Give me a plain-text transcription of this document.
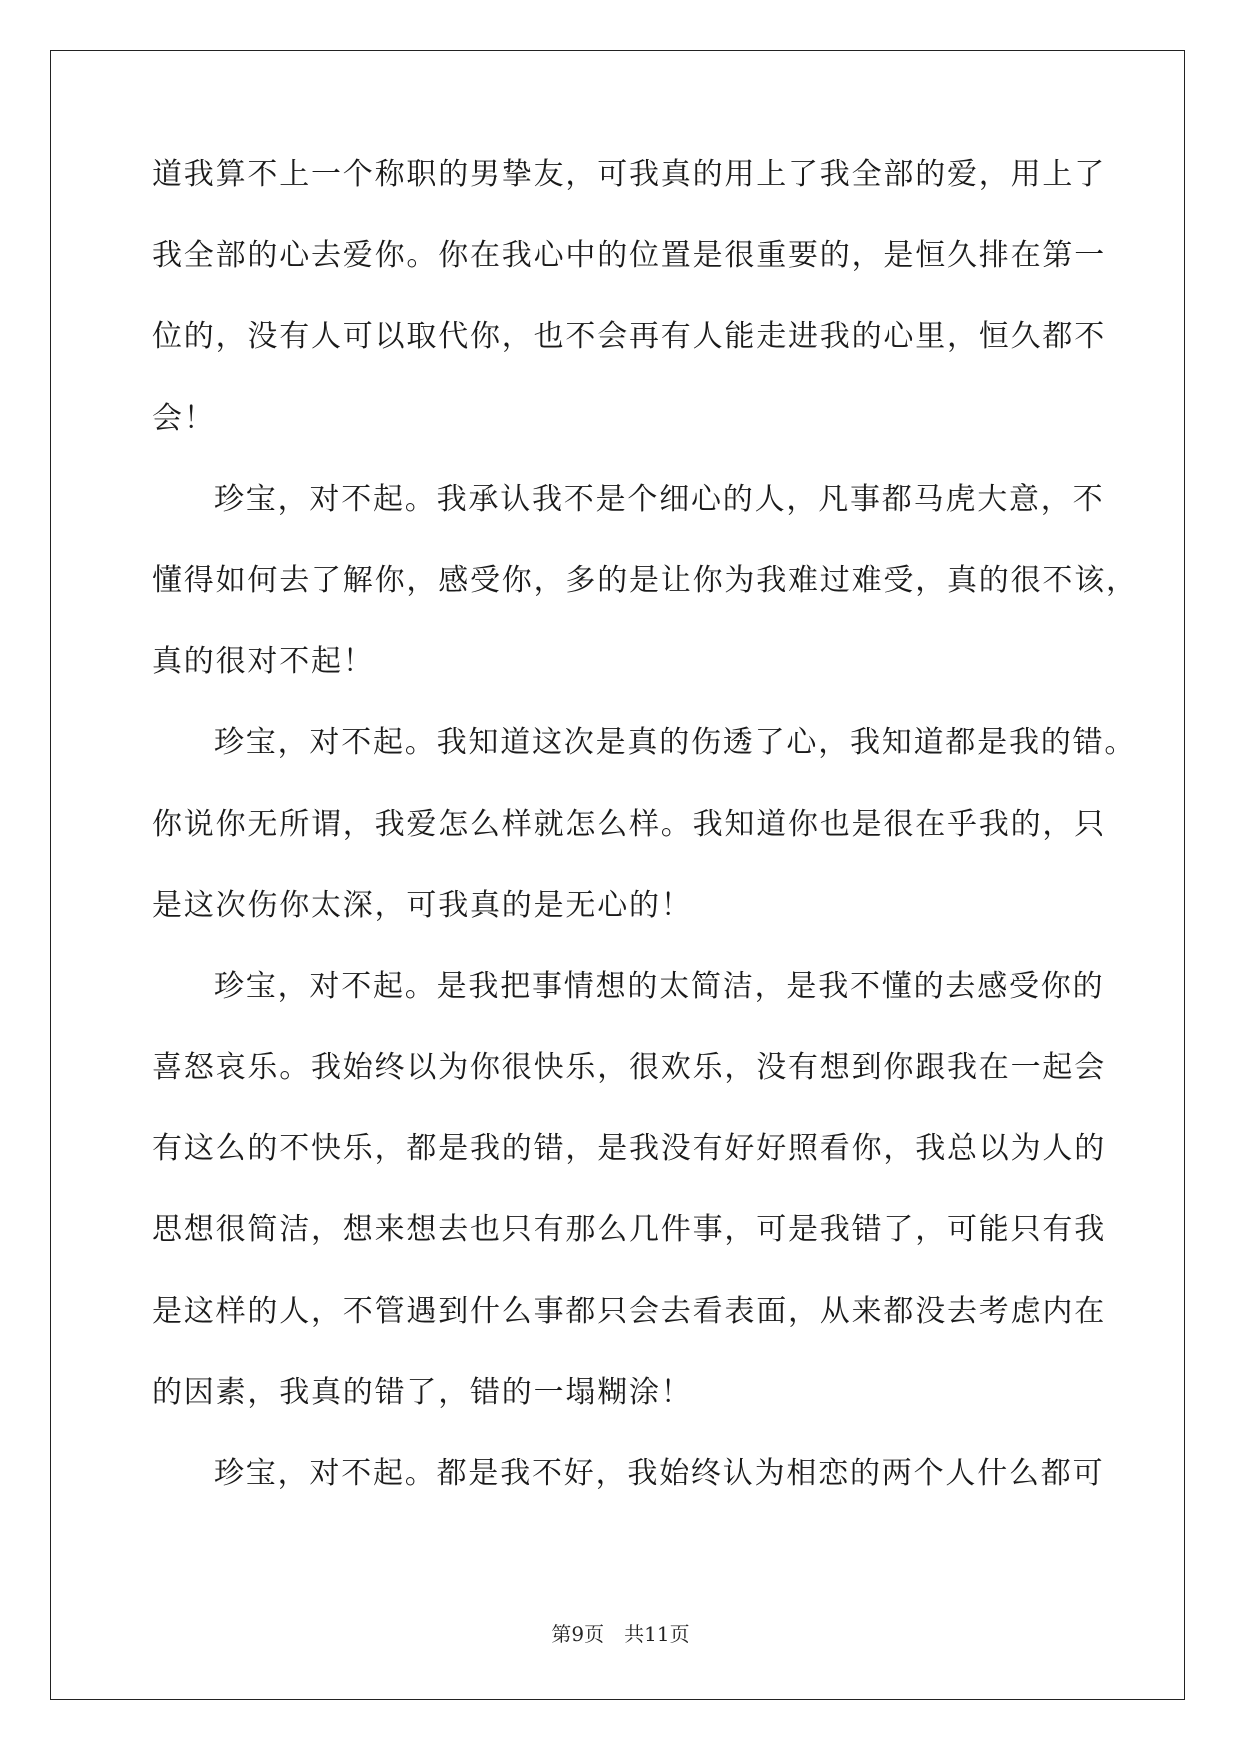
道我算不上一个称职的男挚友，可我真的用上了我全部的爱，用上了
我全部的心去爱你。你在我心中的位置是很重要的，是恒久排在第一
位的，没有人可以取代你，也不会再有人能走进我的心里，恒久都不
会！
珍宝，对不起。我承认我不是个细心的人，凡事都马虎大意，不
懂得如何去了解你，感受你，多的是让你为我难过难受，真的很不该，
真的很对不起！
珍宝，对不起。我知道这次是真的伤透了心，我知道都是我的错。
你说你无所谓，我爱怎么样就怎么样。我知道你也是很在乎我的，只
是这次伤你太深，可我真的是无心的！
珍宝，对不起。是我把事情想的太简洁，是我不懂的去感受你的
喜怒哀乐。我始终以为你很快乐，很欢乐，没有想到你跟我在一起会
有这么的不快乐，都是我的错，是我没有好好照看你，我总以为人的
思想很简洁，想来想去也只有那么几件事，可是我错了，可能只有我
是这样的人，不管遇到什么事都只会去看表面，从来都没去考虑内在
的因素，我真的错了，错的一塌糊涂！
珍宝，对不起。都是我不好，我始终认为相恋的两个人什么都可
第9页　共11页
